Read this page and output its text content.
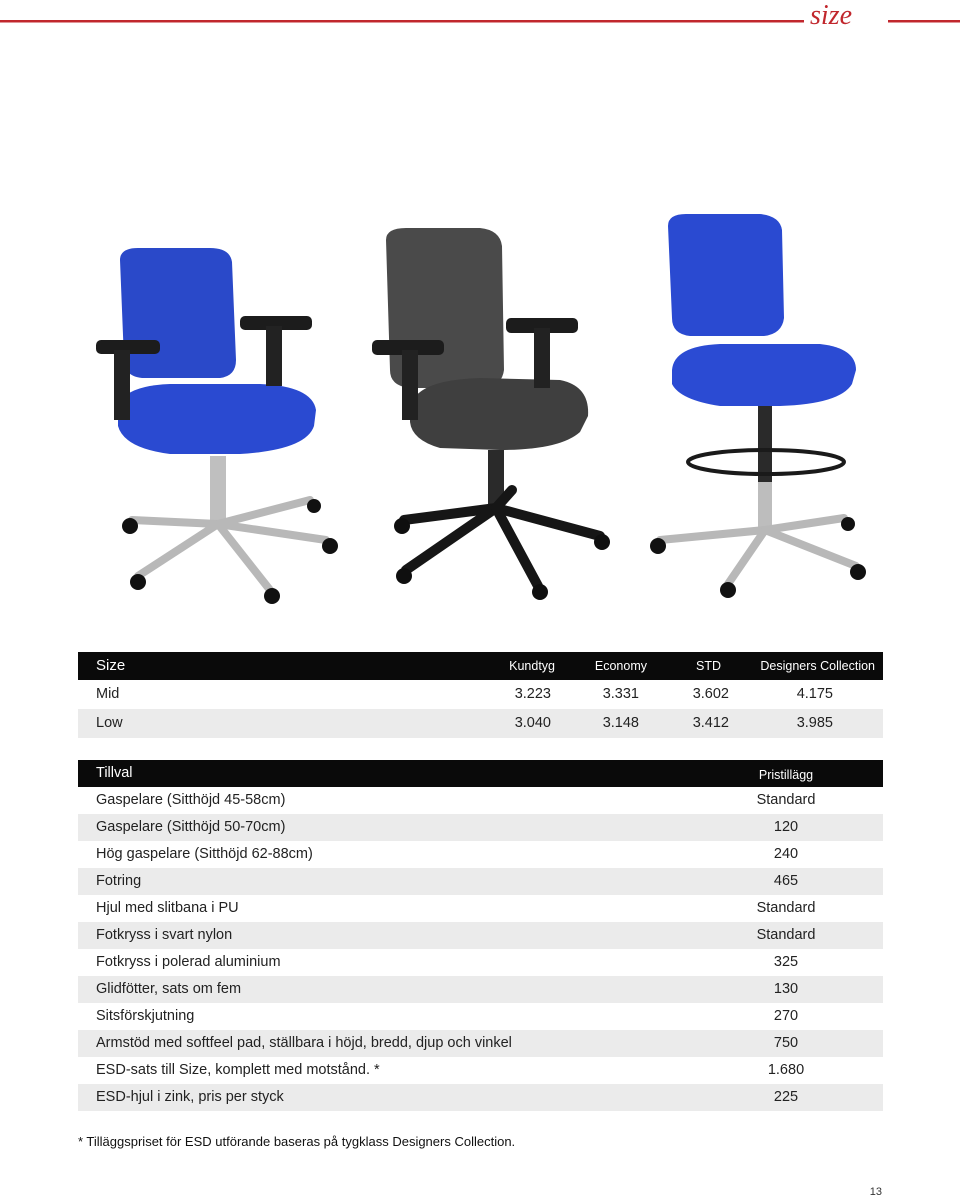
size
Size	Kundtyg	Economy	STD	Designers Collection
Mid	3.223	3.331	3.602	4.175
Low	3.040	3.148	3.412	3.985
Tillval	Pristillägg
Gaspelare (Sitthöjd 45-58cm)	Standard
Gaspelare (Sitthöjd 50-70cm)	120
Hög gaspelare (Sitthöjd 62-88cm)	240
Fotring	465
Hjul med slitbana i PU	Standard
Fotkryss i svart nylon	Standard
Fotkryss i polerad aluminium	325
Glidfötter, sats om fem	130
Sitsförskjutning	270
Armstöd med softfeel pad, ställbara i höjd, bredd, djup och vinkel	750
ESD-sats till Size, komplett med motstånd. *	1.680
ESD-hjul i zink, pris per styck	225
* Tilläggspriset för ESD utförande baseras på tygklass Designers Collection.
13
